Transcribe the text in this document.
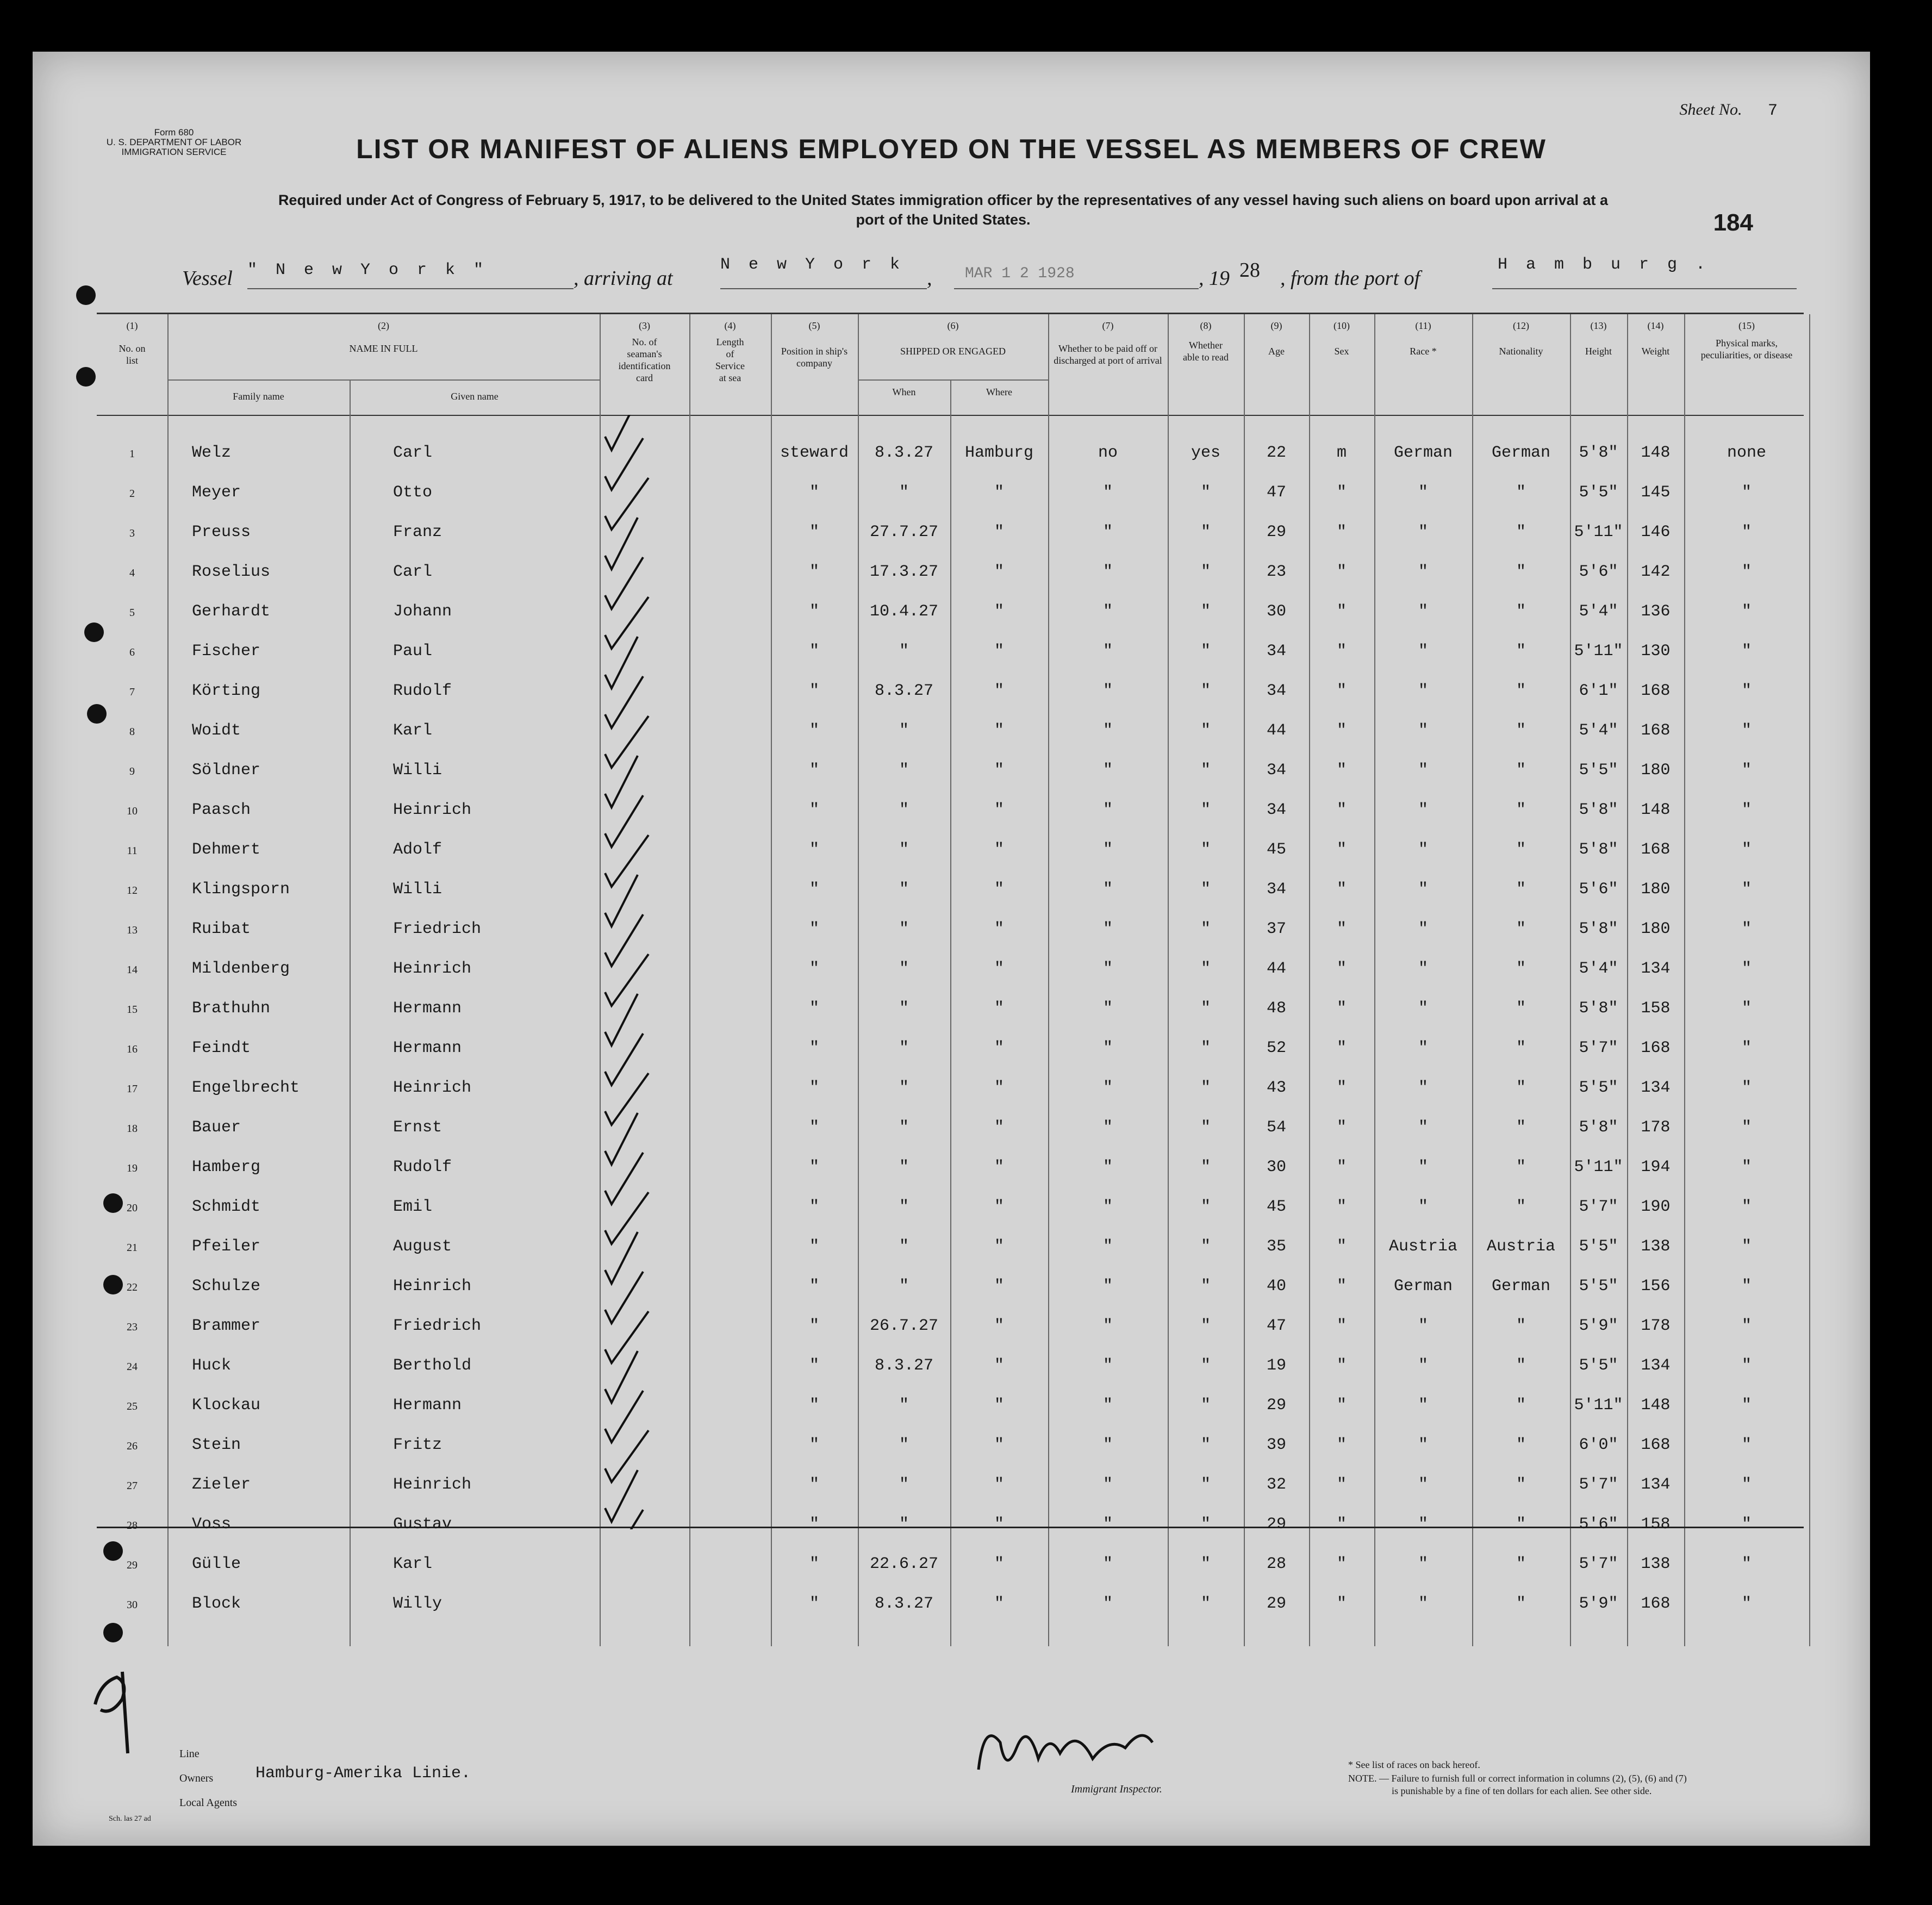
Form 680
U. S. DEPARTMENT OF LABOR
IMMIGRATION SERVICE
Sheet No. 7
LIST OR MANIFEST OF ALIENS EMPLOYED ON THE VESSEL AS MEMBERS OF CREW
Required under Act of Congress of February 5, 1917, to be delivered to the United States immigration officer by the representatives of any vessel having such aliens on board upon arrival at a
port of the United States.	184
Vessel " N e w Y o r k "	, arriving at
N e w Y o r k
, MAR 1 2 1928	, 19 28 , from the port of
H a m b u r g .
(1)
No. on list
(2)
NAME IN FULL
Family name	Given name
(3)
No. of seaman's identification card
(4)
Length of Service at sea
(5)
Position in ship's company
(6)
SHIPPED OR ENGAGED
When	Where
(7)
Whether to be paid off or discharged at port of arrival
(8)
Whether able to read
(9)
Age
(10)
Sex
(11)
Race *
(12)
Nationality
(13)
Height
(14)
Weight
(15)
Physical marks, peculiarities, or disease
1	Welz	Carl	steward	8.3.27	Hamburg	no	yes	22	m	German	German	5'8"	148	none
2	Meyer	Otto	"	"	"	"	"	47	"	"	"	5'5"	145	"
3	Preuss	Franz	"	27.7.27	"	"	"	29	"	"	"	5'11"	146	"
4	Roselius	Carl	"	17.3.27	"	"	"	23	"	"	"	5'6"	142	"
5	Gerhardt	Johann	"	10.4.27	"	"	"	30	"	"	"	5'4"	136	"
6	Fischer	Paul	"	"	"	"	"	34	"	"	"	5'11"	130	"
7	Körting	Rudolf	"	8.3.27	"	"	"	34	"	"	"	6'1"	168	"
8	Woidt	Karl	"	"	"	"	"	44	"	"	"	5'4"	168	"
9	Söldner	Willi	"	"	"	"	"	34	"	"	"	5'5"	180	"
10	Paasch	Heinrich	"	"	"	"	"	34	"	"	"	5'8"	148	"
11	Dehmert	Adolf	"	"	"	"	"	45	"	"	"	5'8"	168	"
12	Klingsporn	Willi	"	"	"	"	"	34	"	"	"	5'6"	180	"
13	Ruibat	Friedrich	"	"	"	"	"	37	"	"	"	5'8"	180	"
14	Mildenberg	Heinrich	"	"	"	"	"	44	"	"	"	5'4"	134	"
15	Brathuhn	Hermann	"	"	"	"	"	48	"	"	"	5'8"	158	"
16	Feindt	Hermann	"	"	"	"	"	52	"	"	"	5'7"	168	"
17	Engelbrecht	Heinrich	"	"	"	"	"	43	"	"	"	5'5"	134	"
18	Bauer	Ernst	"	"	"	"	"	54	"	"	"	5'8"	178	"
19	Hamberg	Rudolf	"	"	"	"	"	30	"	"	"	5'11"	194	"
20	Schmidt	Emil	"	"	"	"	"	45	"	"	"	5'7"	190	"
21	Pfeiler	August	"	"	"	"	"	35	"	Austria	Austria	5'5"	138	"
22	Schulze	Heinrich	"	"	"	"	"	40	"	German	German	5'5"	156	"
23	Brammer	Friedrich	"	26.7.27	"	"	"	47	"	"	"	5'9"	178	"
24	Huck	Berthold	"	8.3.27	"	"	"	19	"	"	"	5'5"	134	"
25	Klockau	Hermann	"	"	"	"	"	29	"	"	"	5'11"	148	"
26	Stein	Fritz	"	"	"	"	"	39	"	"	"	6'0"	168	"
27	Zieler	Heinrich	"	"	"	"	"	32	"	"	"	5'7"	134	"
28	Voss	Gustav	"	"	"	"	"	29	"	"	"	5'6"	158	"
29	Gülle	Karl	"	22.6.27	"	"	"	28	"	"	"	5'7"	138	"
30	Block	Willy	"	8.3.27	"	"	"	29	"	"	"	5'9"	168	"
Line
Owners	Hamburg-Amerika Linie.
Local Agents
Immigrant Inspector.
* See list of races on back hereof.
NOTE. — Failure to furnish full or correct information in columns (2), (5), (6) and (7)
is punishable by a fine of ten dollars for each alien. See other side.
Sch. las 27 ad
